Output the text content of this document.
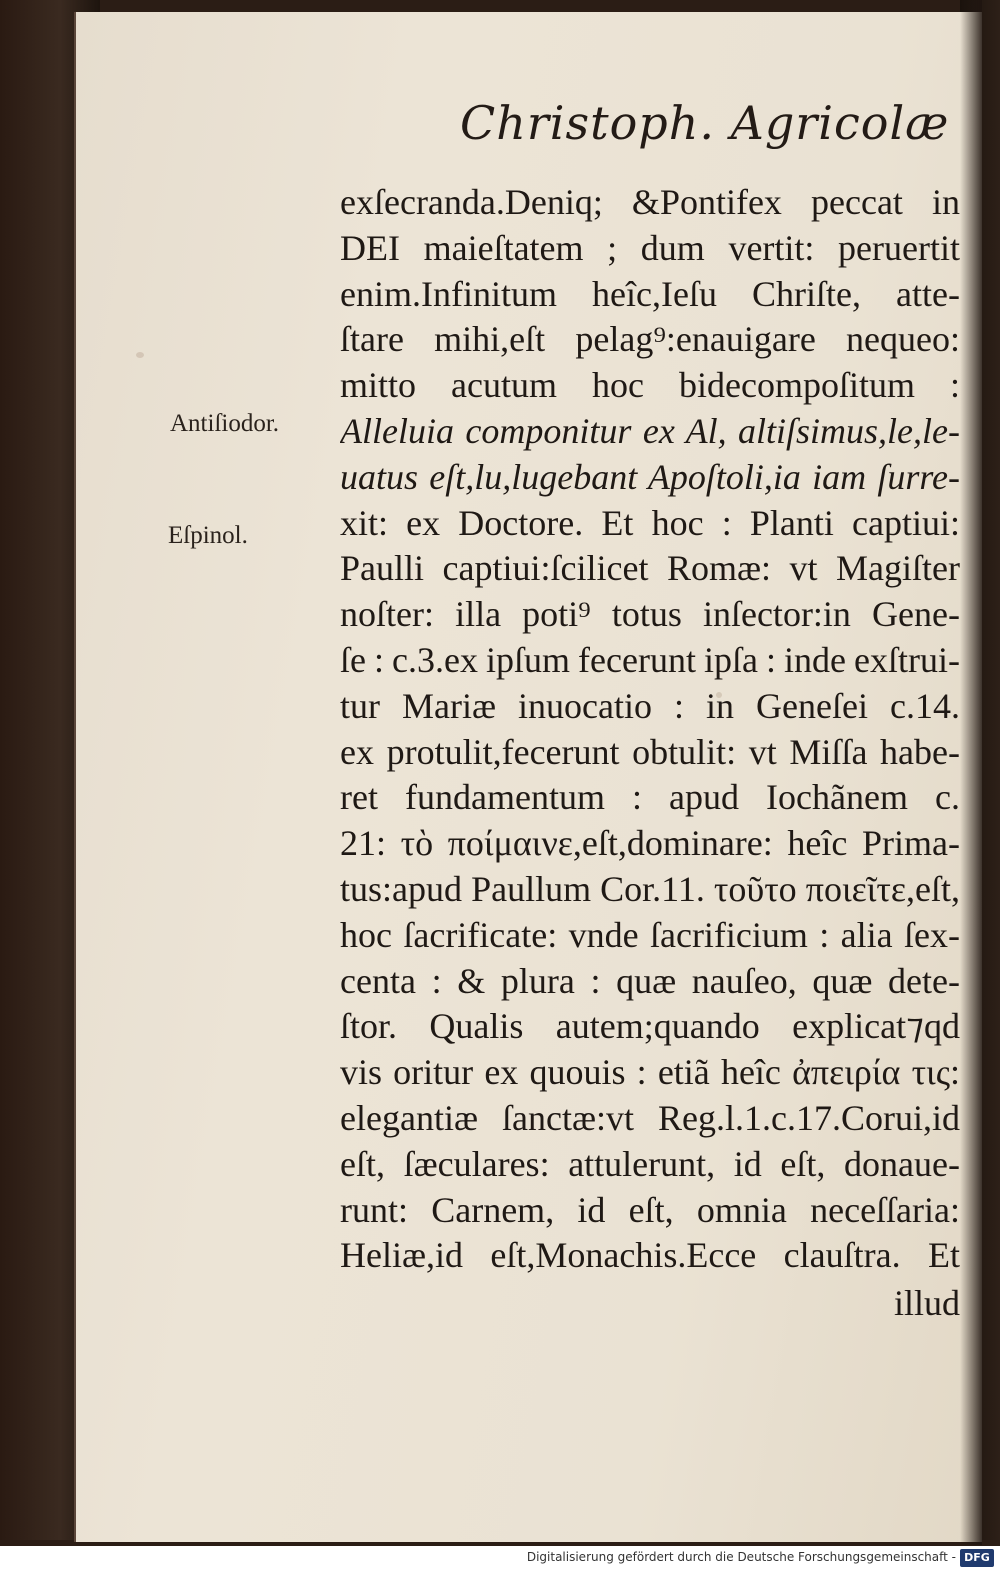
Christoph. Agricolæ
Antiſiodor.
Eſpinol.
exſecranda.Deniq; &Pontifex peccat in
DEI maieſtatem ; dum vertit: peruertit
enim.Infinitum heîc,Ieſu Chriſte, atte-
ſtare mihi,eſt pelag⁹:enauigare nequeo:
mitto acutum hoc bidecompoſitum :
Alleluia componitur ex Al, altiſsimus,le,le-
uatus eſt,lu,lugebant Apoſtoli,ia iam ſurre-
xit: ex Doctore. Et hoc : Planti captiui:
Paulli captiui:ſcilicet Romæ: vt Magiſter
noſter: illa poti⁹ totus inſector:in Gene-
ſe : c.3.ex ipſum fecerunt ipſa : inde exſtrui-
tur Mariæ inuocatio : in Geneſei c.14.
ex protulit,fecerunt obtulit: vt Miſſa habe-
ret fundamentum : apud Iochãnem c.
21: τὸ ποίμαινε,eſt,dominare: heîc Prima-
tus:apud Paullum Cor.11. τοῦτο ποιεῖτε,eſt,
hoc ſacrificate: vnde ſacrificium : alia ſex-
centa : & plura : quæ nauſeo, quæ dete-
ſtor. Qualis autem;quando explicat⁊qd
vis oritur ex quouis : etiã heîc ἀπειρία τις:
elegantiæ ſanctæ:vt Reg.l.1.c.17.Corui,id
eſt, ſæculares: attulerunt, id eſt, donaue-
runt: Carnem, id eſt, omnia neceſſaria:
Heliæ,id eſt,Monachis.Ecce clauſtra. Et
illud
Digitalisierung gefördert durch die Deutsche Forschungsgemeinschaft - DFG
